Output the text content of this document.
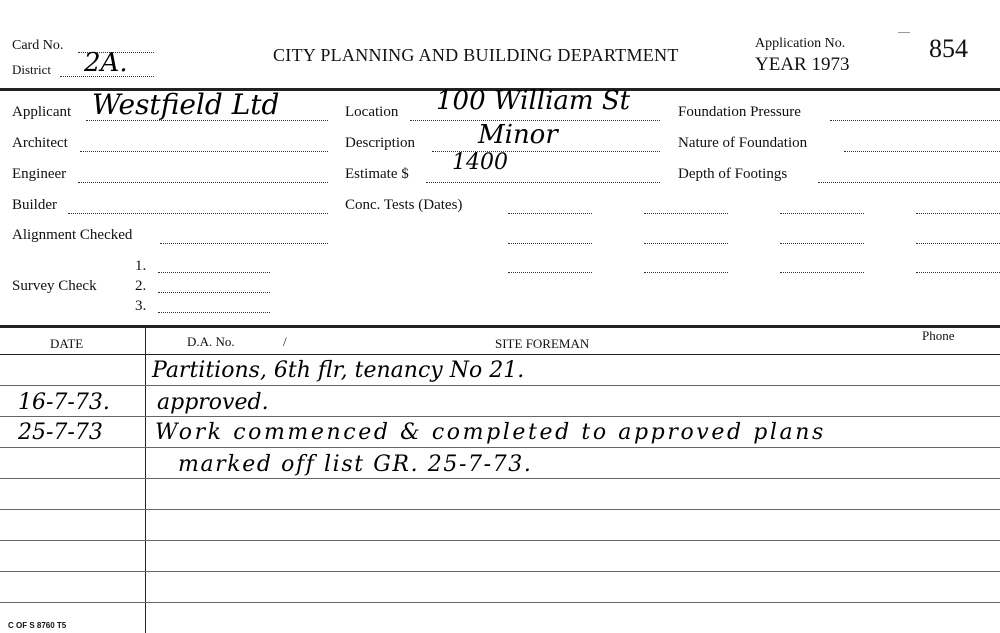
Card No.
District 2A.	CITY PLANNING AND BUILDING DEPARTMENT
Application No.
YEAR 1973
854
—
Applicant Westfield Ltd
Architect
Engineer
Builder
Alignment Checked
Survey Check
1.
2.
3.
Location 100 William St
Description Minor
Estimate $ 1400
Conc. Tests (Dates)
Foundation Pressure
Nature of Foundation
Depth of Footings
DATE	D.A. No.	/	SITE FOREMAN
Phone
Partitions, 6th flr, tenancy No 21.
16-7-73. approved.
25-7-73 Work commenced & completed to approved plans
marked off list GR. 25-7-73.
C OF S 8760 T5
